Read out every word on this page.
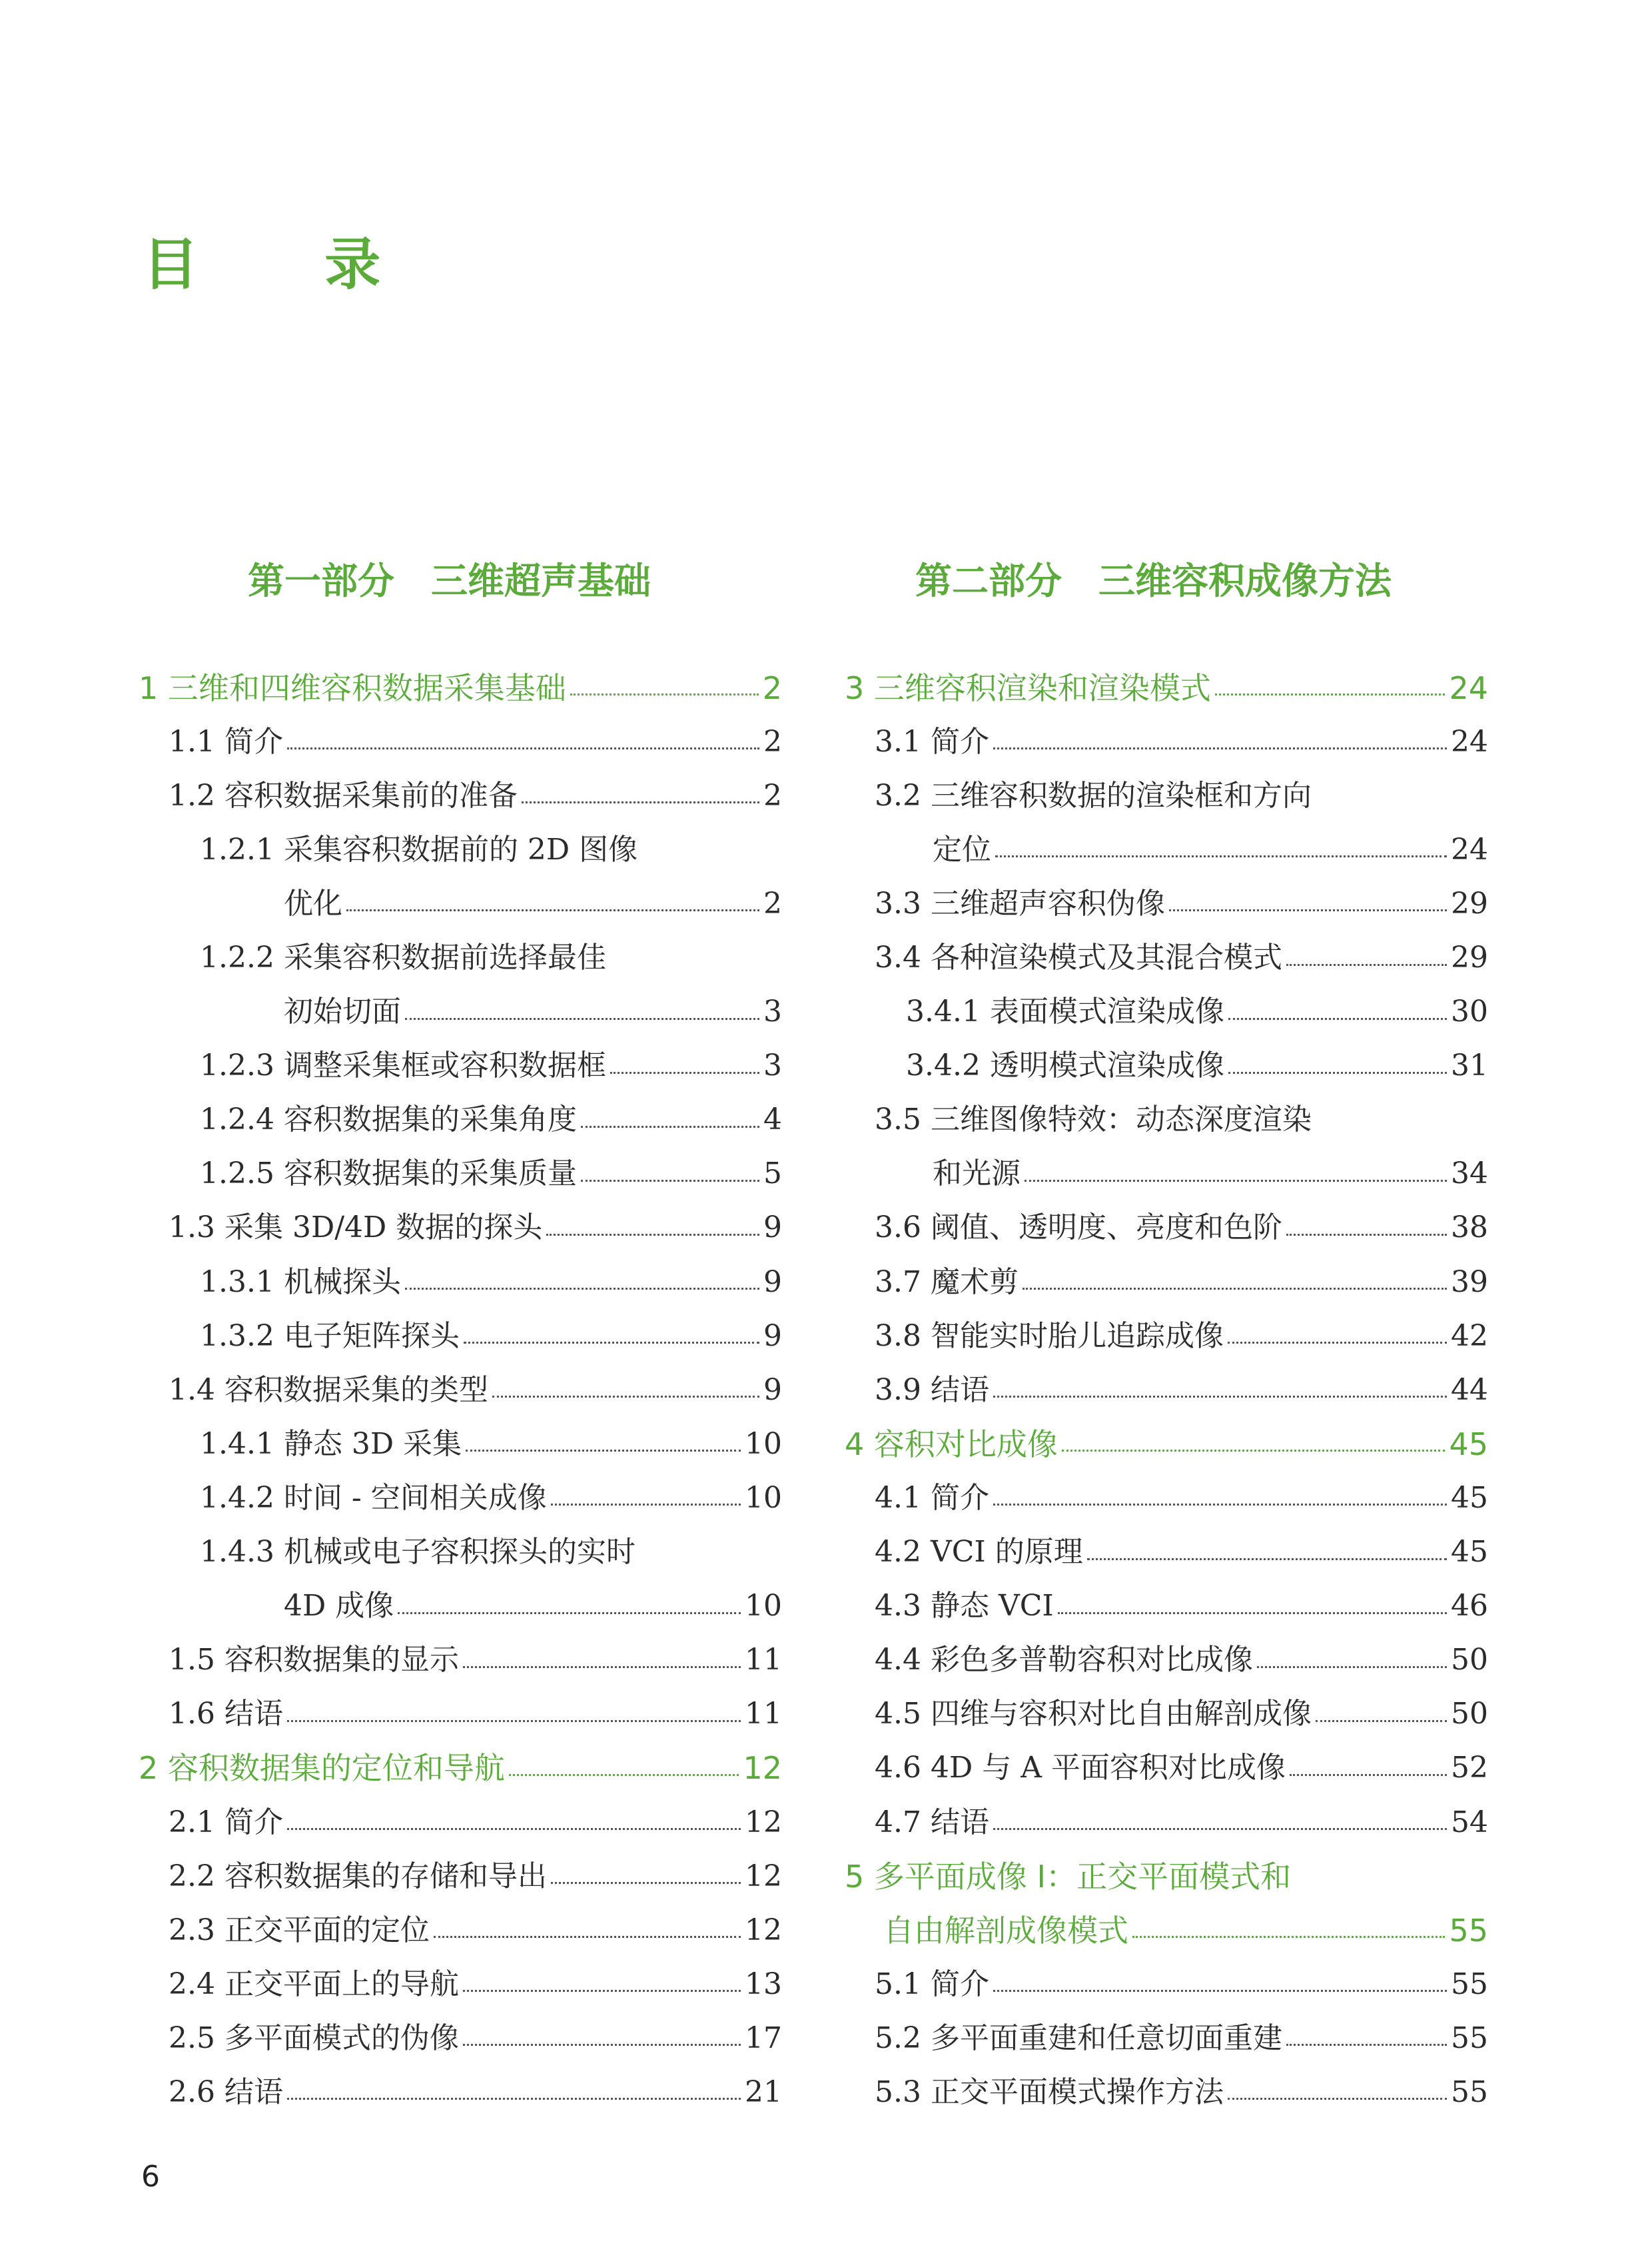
目 录
第一部分　三维超声基础	第二部分　三维容积成像方法
1 三维和四维容积数据采集基础	2
1.1 简介	2
1.2 容积数据采集前的准备	2
1.2.1 采集容积数据前的 2D 图像
优化	2
1.2.2 采集容积数据前选择最佳
初始切面	3
1.2.3 调整采集框或容积数据框	3
1.2.4 容积数据集的采集角度	4
1.2.5 容积数据集的采集质量	5
1.3 采集 3D/4D 数据的探头	9
1.3.1 机械探头	9
1.3.2 电子矩阵探头	9
1.4 容积数据采集的类型	9
1.4.1 静态 3D 采集	10
1.4.2 时间 - 空间相关成像	10
1.4.3 机械或电子容积探头的实时
4D 成像	10
1.5 容积数据集的显示	11
1.6 结语	11
2 容积数据集的定位和导航	12
2.1 简介	12
2.2 容积数据集的存储和导出	12
2.3 正交平面的定位	12
2.4 正交平面上的导航	13
2.5 多平面模式的伪像	17
2.6 结语	21
3 三维容积渲染和渲染模式	24
3.1 简介	24
3.2 三维容积数据的渲染框和方向
定位	24
3.3 三维超声容积伪像	29
3.4 各种渲染模式及其混合模式	29
3.4.1 表面模式渲染成像	30
3.4.2 透明模式渲染成像	31
3.5 三维图像特效：动态深度渲染
和光源	34
3.6 阈值、透明度、亮度和色阶	38
3.7 魔术剪	39
3.8 智能实时胎儿追踪成像	42
3.9 结语	44
4 容积对比成像	45
4.1 简介	45
4.2 VCI 的原理	45
4.3 静态 VCI	46
4.4 彩色多普勒容积对比成像	50
4.5 四维与容积对比自由解剖成像	50
4.6 4D 与 A 平面容积对比成像	52
4.7 结语	54
5 多平面成像 I：正交平面模式和
自由解剖成像模式	55
5.1 简介	55
5.2 多平面重建和任意切面重建	55
5.3 正交平面模式操作方法	55
6
